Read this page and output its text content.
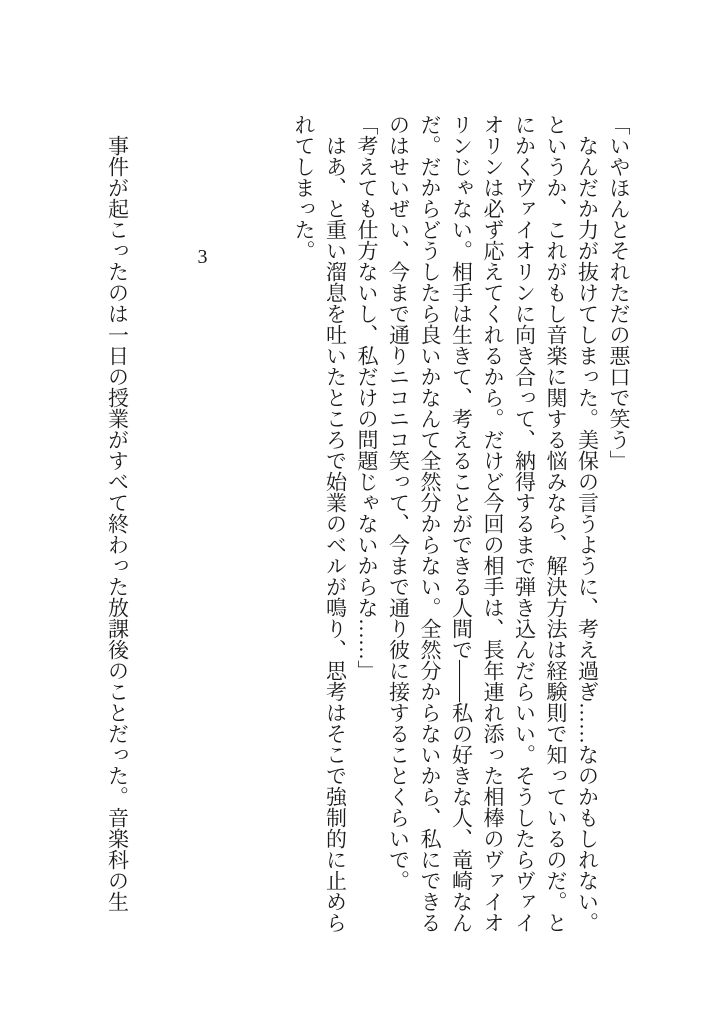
「いやほんとそれただの悪口で笑う」

なんだか力が抜けてしまった。美保の言うように、考え過ぎ……なのかもしれない。というか、これがもし音楽に関する悩みなら、解決方法は経験則で知っているのだ。とにかくヴァイオリンに向き合って、納得するまで弾き込んだらいい。そうしたらヴァイオリンは必ず応えてくれるから。だけど今回の相手は、長年連れ添った相棒のヴァイオリンじゃない。相手は生きて、考えることができる人間で――私の好きな人、竜崎なんだ。だからどうしたら良いかなんて全然分からない。全然分からないから、私にできるのはせいぜい、今まで通りニコニコ笑って、今まで通り彼に接することくらいで。

「考えても仕方ないし、私だけの問題じゃないからな……」

はあ、と重い溜息を吐いたところで始業のベルが鳴り、思考はそこで強制的に止められてしまった。

3

事件が起こったのは一日の授業がすべて終わった放課後のことだった。音楽科の生
